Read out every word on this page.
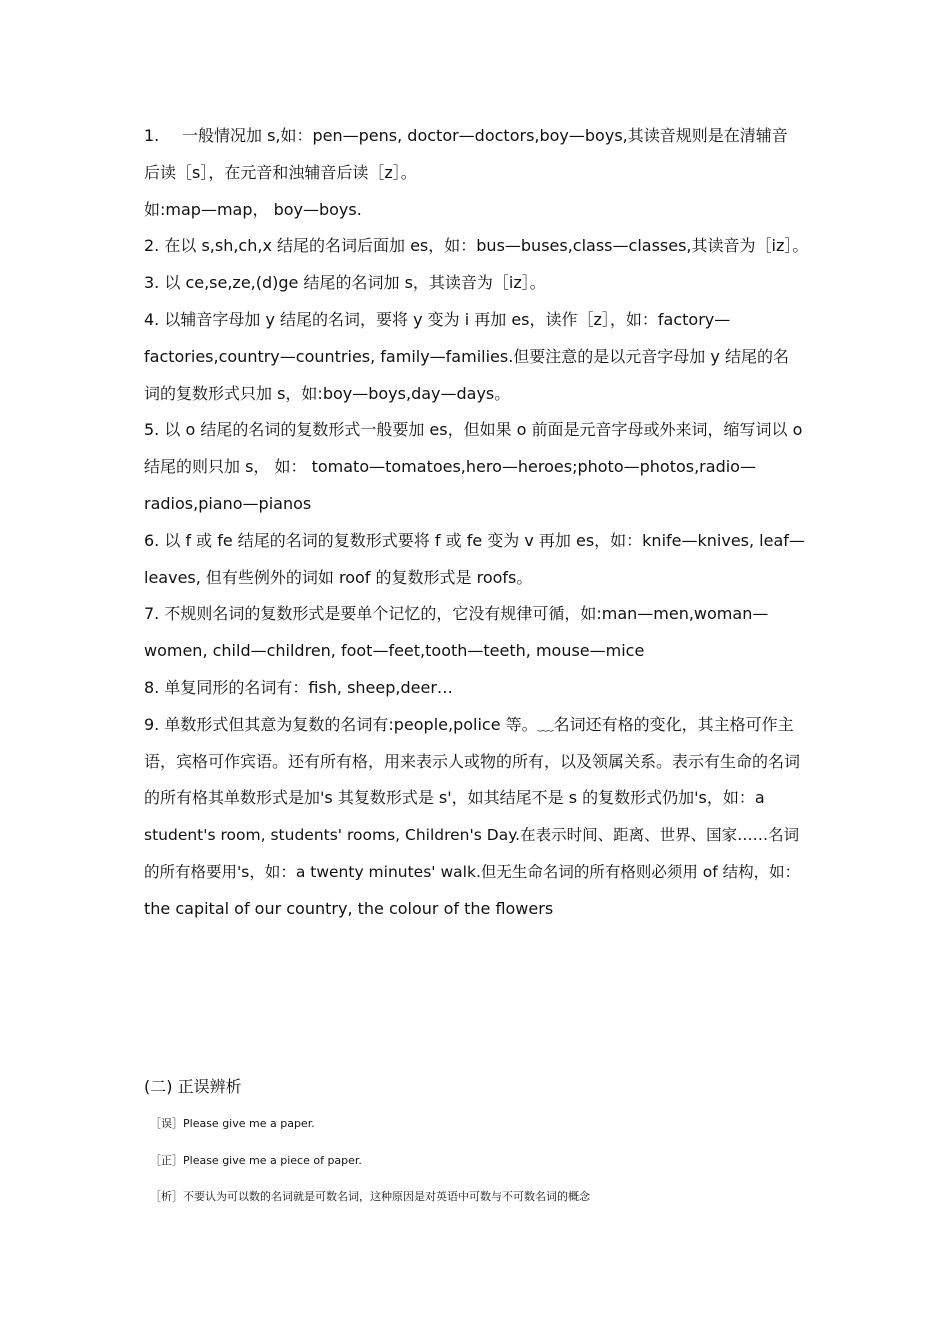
1. 一般情况加 s,如：pen—pens, doctor—doctors,boy—boys,其读音规则是在清辅音
后读［s］，在元音和浊辅音后读［z］。
如:map—map， boy—boys.
2. 在以 s,sh,ch,x 结尾的名词后面加 es，如：bus—buses,class—classes,其读音为［iz］。
3. 以 ce,se,ze,(d)ge 结尾的名词加 s，其读音为［iz］。
4. 以辅音字母加 y 结尾的名词，要将 y 变为 i 再加 es，读作［z］，如：factory—
factories,country—countries, family—families.但要注意的是以元音字母加 y 结尾的名
词的复数形式只加 s，如:boy—boys,day—days。
5. 以 o 结尾的名词的复数形式一般要加 es，但如果 o 前面是元音字母或外来词，缩写词以 o
结尾的则只加 s， 如： tomato—tomatoes,hero—heroes;photo—photos,radio—
radios,piano—pianos
6. 以 f 或 fe 结尾的名词的复数形式要将 f 或 fe 变为 v 再加 es，如：knife—knives, leaf—
leaves, 但有些例外的词如 roof 的复数形式是 roofs。
7. 不规则名词的复数形式是要单个记忆的，它没有规律可循，如:man—men,woman—
women, child—children, foot—feet,tooth—teeth, mouse—mice
8. 单复同形的名词有：fish, sheep,deer…
9. 单数形式但其意为复数的名词有:people,police 等。﹏名词还有格的变化，其主格可作主
语，宾格可作宾语。还有所有格，用来表示人或物的所有，以及领属关系。表示有生命的名词
的所有格其单数形式是加's 其复数形式是 s'，如其结尾不是 s 的复数形式仍加's，如：a
student's room, students' rooms, Children's Day.在表示时间、距离、世界、国家……名词
的所有格要用's，如：a twenty minutes' walk.但无生命名词的所有格则必须用 of 结构，如：
the capital of our country, the colour of the flowers
(二) 正误辨析
［误］Please give me a paper.
［正］Please give me a piece of paper.
［析］不要认为可以数的名词就是可数名词，这种原因是对英语中可数与不可数名词的概念
